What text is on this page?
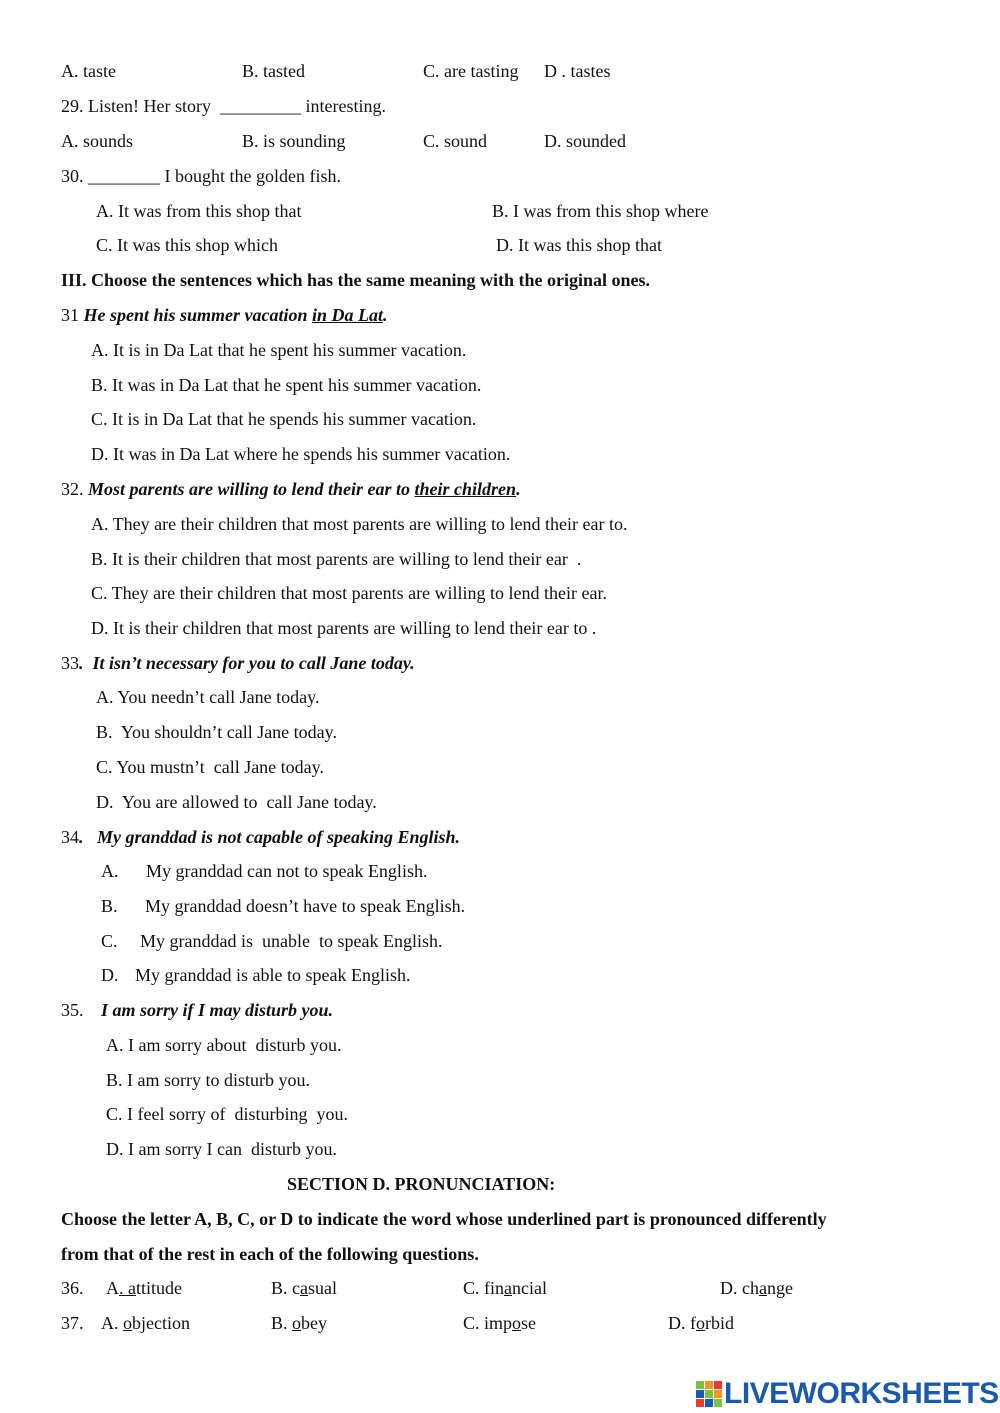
A. taste	B. tasted	C. are tasting D . tastes
29. Listen! Her story  _________ interesting.
A. sounds	B. is sounding	C. sound	D. sounded
30. ________ I bought the golden fish.
A. It was from this shop that	B. I was from this shop where
C. It was this shop which	D. It was this shop that
III. Choose the sentences which has the same meaning with the original ones.
31 He spent his summer vacation in Da Lat.
A. It is in Da Lat that he spent his summer vacation.
B. It was in Da Lat that he spent his summer vacation.
C. It is in Da Lat that he spends his summer vacation.
D. It was in Da Lat where he spends his summer vacation.
32. Most parents are willing to lend their ear to their children.
A. They are their children that most parents are willing to lend their ear to.
B. It is their children that most parents are willing to lend their ear  .
C. They are their children that most parents are willing to lend their ear.
D. It is their children that most parents are willing to lend their ear to .
33.  It isn’t necessary for you to call Jane today.
A. You needn’t call Jane today.
B.  You shouldn’t call Jane today.
C. You mustn’t  call Jane today.
D.  You are allowed to  call Jane today.
34.   My granddad is not capable of speaking English.
A. My granddad can not to speak English.
B. My granddad doesn’t have to speak English.
C. My granddad is  unable  to speak English.
D. My granddad is able to speak English.
35. I am sorry if I may disturb you.
A. I am sorry about  disturb you.
B. I am sorry to disturb you.
C. I feel sorry of  disturbing  you.
D. I am sorry I can  disturb you.
SECTION D. PRONUNCIATION:
Choose the letter A, B, C, or D to indicate the word whose underlined part is pronounced differently
from that of the rest in each of the following questions.
36. A. attitude	B. casual	C. financial	D. change
37. A. objection	B. obey	C. impose	D. forbid
LIVEWORKSHEETS
